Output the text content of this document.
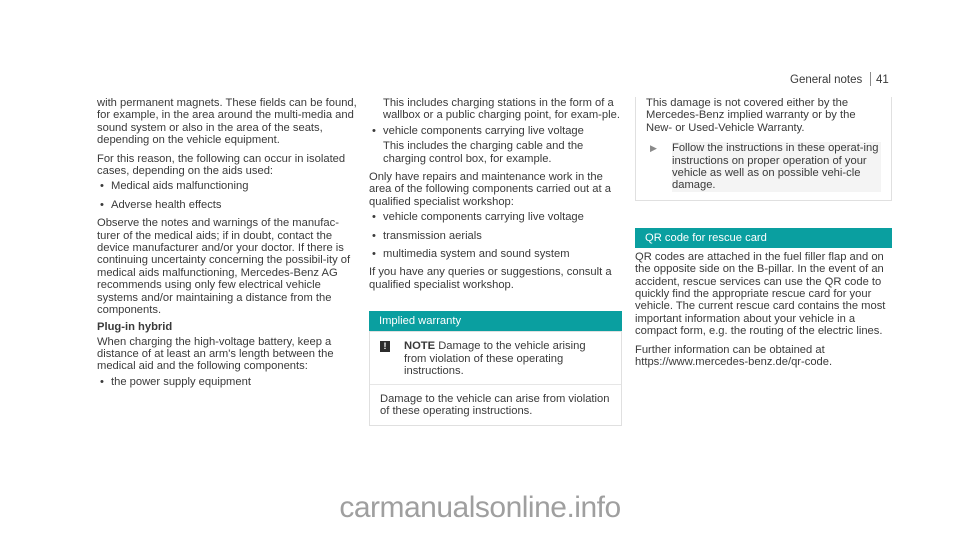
General notes 41

with permanent magnets. These fields can be found, for example, in the area around the multi-media and sound system or also in the area of the seats, depending on the vehicle equipment.

For this reason, the following can occur in isolated cases, depending on the aids used:

• Medical aids malfunctioning
• Adverse health effects

Observe the notes and warnings of the manufac-turer of the medical aids; if in doubt, contact the device manufacturer and/or your doctor. If there is continuing uncertainty concerning the possibil-ity of medical aids malfunctioning, Mercedes-Benz AG recommends using only few electrical vehicle systems and/or maintaining a distance from the components.

Plug-in hybrid

When charging the high-voltage battery, keep a distance of at least an arm's length between the medical aid and the following components:

• the power supply equipment

This includes charging stations in the form of a wallbox or a public charging point, for exam-ple.

• vehicle components carrying live voltage

This includes the charging cable and the charging control box, for example.

Only have repairs and maintenance work in the area of the following components carried out at a qualified specialist workshop:

• vehicle components carrying live voltage
• transmission aerials
• multimedia system and sound system

If you have any queries or suggestions, consult a qualified specialist workshop.

Implied warranty
!	NOTE Damage to the vehicle arising from violation of these operating instructions.
Damage to the vehicle can arise from violation of these operating instructions.
This damage is not covered either by the Mercedes-Benz implied warranty or by the New- or Used-Vehicle Warranty.
▶	Follow the instructions in these operat-ing instructions on proper operation of your vehicle as well as on possible vehi-cle damage.
QR code for rescue card

QR codes are attached in the fuel filler flap and on the opposite side on the B-pillar. In the event of an accident, rescue services can use the QR code to quickly find the appropriate rescue card for your vehicle. The current rescue card contains the most important information about your vehicle in a compact form, e.g. the routing of the electric lines.

Further information can be obtained at https://www.mercedes-benz.de/qr-code.

carmanualsonline.info
